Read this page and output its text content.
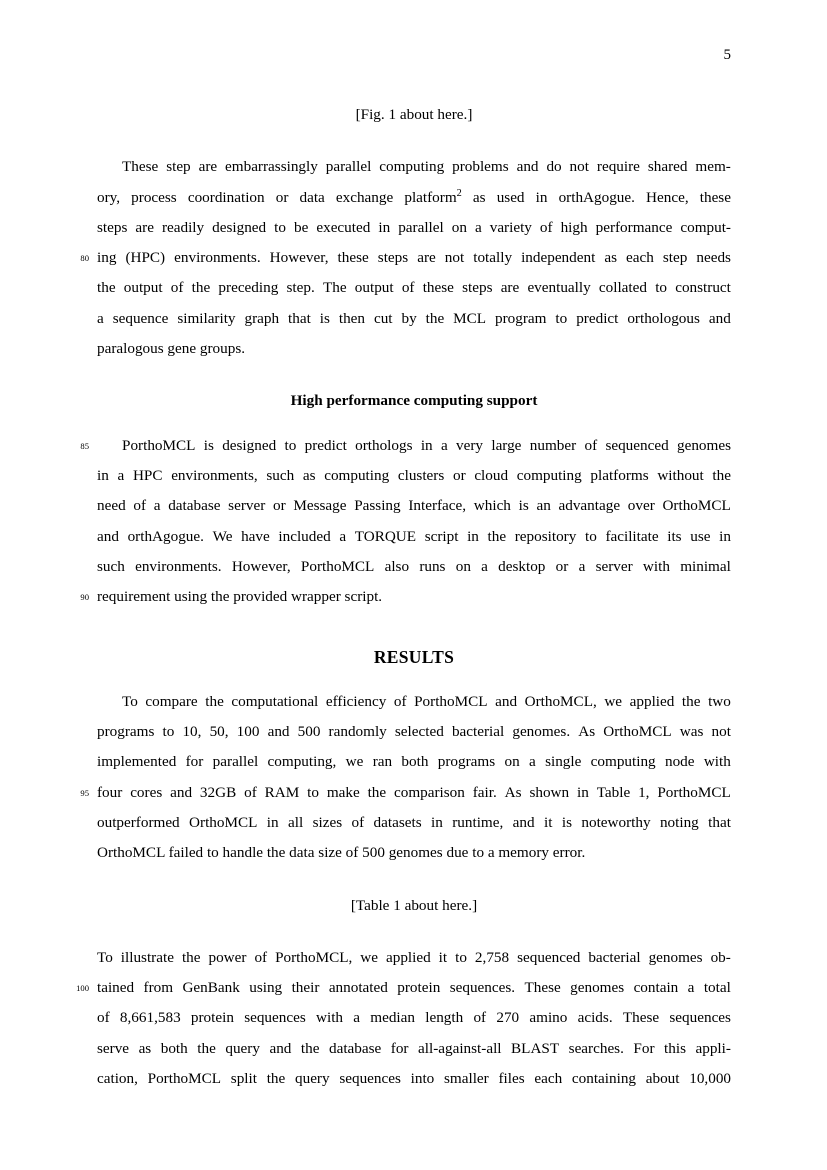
5
[Fig. 1 about here.]
These step are embarrassingly parallel computing problems and do not require shared mem-
ory, process coordination or data exchange platform$^2$ as used in orthAgogue. Hence, these
steps are readily designed to be executed in parallel on a variety of high performance comput-
80 ing (HPC) environments. However, these steps are not totally independent as each step needs
the output of the preceding step. The output of these steps are eventually collated to construct
a sequence similarity graph that is then cut by the MCL program to predict orthologous and
paralogous gene groups.
High performance computing support
85	PorthoMCL is designed to predict orthologs in a very large number of sequenced genomes
in a HPC environments, such as computing clusters or cloud computing platforms without the
need of a database server or Message Passing Interface, which is an advantage over OrthoMCL
and orthAgogue. We have included a TORQUE script in the repository to facilitate its use in
such environments. However, PorthoMCL also runs on a desktop or a server with minimal
90 requirement using the provided wrapper script.
RESULTS
To compare the computational efficiency of PorthoMCL and OrthoMCL, we applied the two
programs to 10, 50, 100 and 500 randomly selected bacterial genomes. As OrthoMCL was not
implemented for parallel computing, we ran both programs on a single computing node with
95 four cores and 32GB of RAM to make the comparison fair. As shown in Table 1, PorthoMCL
outperformed OrthoMCL in all sizes of datasets in runtime, and it is noteworthy noting that
OrthoMCL failed to handle the data size of 500 genomes due to a memory error.
[Table 1 about here.]
To illustrate the power of PorthoMCL, we applied it to 2,758 sequenced bacterial genomes ob-
100 tained from GenBank using their annotated protein sequences. These genomes contain a total
of 8,661,583 protein sequences with a median length of 270 amino acids. These sequences
serve as both the query and the database for all-against-all BLAST searches. For this appli-
cation, PorthoMCL split the query sequences into smaller files each containing about 10,000
